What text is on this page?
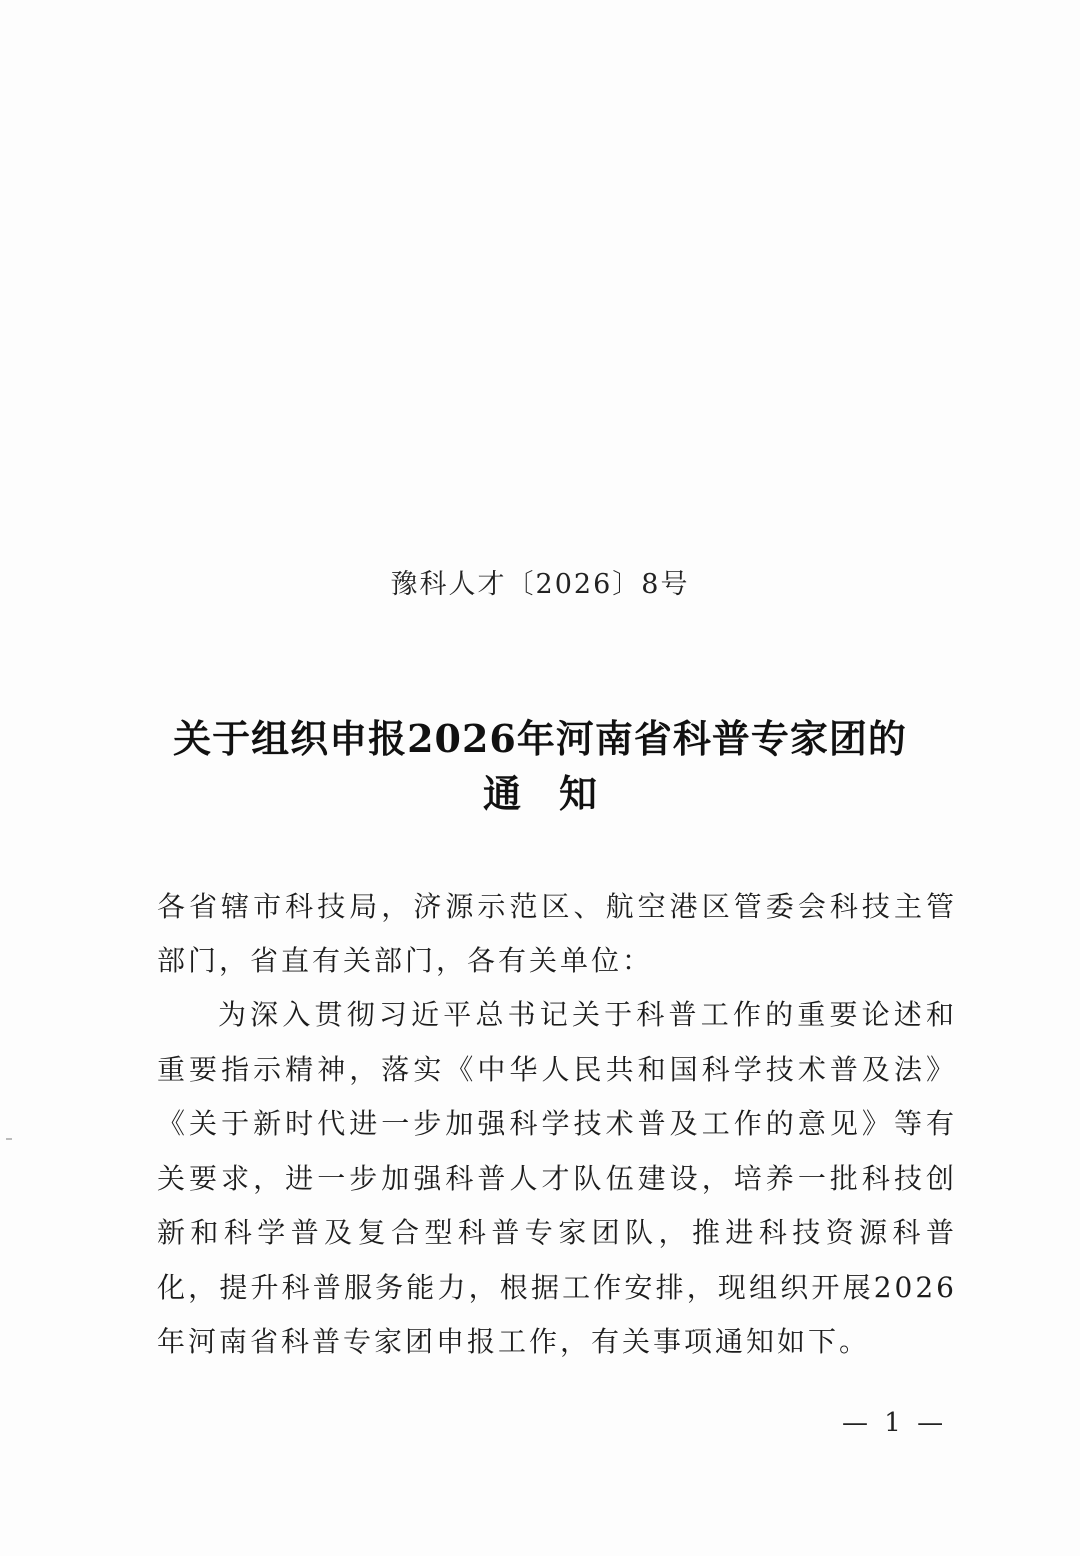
豫科人才〔2026〕8号
关于组织申报2026年河南省科普专家团的
通知
各省辖市科技局，济源示范区、航空港区管委会科技主管部门，省直有关部门，各有关单位：
为深入贯彻习近平总书记关于科普工作的重要论述和重要指示精神，落实《中华人民共和国科学技术普及法》《关于新时代进一步加强科学技术普及工作的意见》等有关要求，进一步加强科普人才队伍建设，培养一批科技创新和科学普及复合型科普专家团队，推进科技资源科普化，提升科普服务能力，根据工作安排，现组织开展2026年河南省科普专家团申报工作，有关事项通知如下。
— 1 —
